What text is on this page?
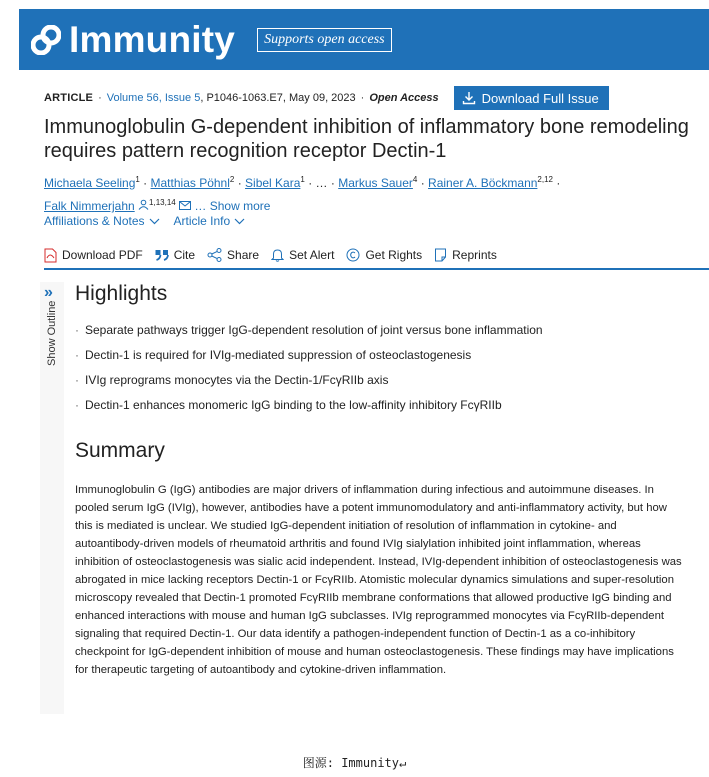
Immunity	Supports open access
ARTICLE · Volume 56, Issue 5 , P1046-1063.E7, May 09, 2023 · Open Access	Download Full Issue
Immunoglobulin G-dependent inhibition of inflammatory bone remodeling requires pattern recognition receptor Dectin-1
Michaela Seeling$^1$ · Matthias Pöhnl$^2$ · Sibel Kara$^1$ · … · Markus Sauer$^4$ · Rainer A. Böckmann$^{2,12}$ ·
Falk Nimmerjahn $^{1,13,14}$ … Show more
Affiliations & Notes Article Info
Download PDF	Cite	Share	Set Alert	Get Rights	Reprints
»
Show Outline
Highlights
· Separate pathways trigger IgG-dependent resolution of joint versus bone inflammation
· Dectin-1 is required for IVIg-mediated suppression of osteoclastogenesis
· IVIg reprograms monocytes via the Dectin-1/FcγRIIb axis
· Dectin-1 enhances monomeric IgG binding to the low-affinity inhibitory FcγRIIb
Summary

Immunoglobulin G (IgG) antibodies are major drivers of inflammation during infectious and autoimmune diseases. In pooled serum IgG (IVIg), however, antibodies have a potent immunomodulatory and anti-inflammatory activity, but how this is mediated is unclear. We studied IgG-dependent initiation of resolution of inflammation in cytokine- and autoantibody-driven models of rheumatoid arthritis and found IVIg sialylation inhibited joint inflammation, whereas inhibition of osteoclastogenesis was sialic acid independent. Instead, IVIg-dependent inhibition of osteoclastogenesis was abrogated in mice lacking receptors Dectin-1 or FcγRIIb. Atomistic molecular dynamics simulations and super-resolution microscopy revealed that Dectin-1 promoted FcγRIIb membrane conformations that allowed productive IgG binding and enhanced interactions with mouse and human IgG subclasses. IVIg reprogrammed monocytes via FcγRIIb-dependent signaling that required Dectin-1. Our data identify a pathogen-independent function of Dectin-1 as a co-inhibitory checkpoint for IgG-dependent inhibition of mouse and human osteoclastogenesis. These findings may have implications for therapeutic targeting of autoantibody and cytokine-driven inflammation.

图源: Immunity↵
